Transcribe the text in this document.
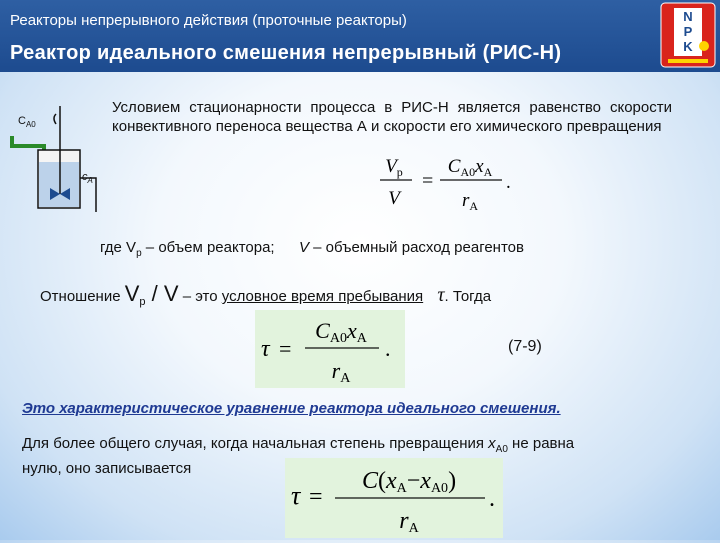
Реакторы непрерывного действия (проточные реакторы)
Реактор идеального смешения непрерывный (РИС-Н)
N
P
K
$C_{A0}$
$c_A$
Условием стационарности процесса в РИС-Н является равенство скорости конвективного переноса вещества А и скорости его химического превращения
$V_р$
V
=
$C_{A0}x_A$
$r_A$
.
где $V_р$ – объем реактора; V – объемный расход реагентов
Отношение $V_р$ / V – это условное время пребывания τ. Тогда
τ =
CA0xA
rA
.	(7-9)
Это характеристическое уравнение реактора идеального смешения.
Для более общего случая, когда начальная степень превращения $x_{A0}$ не равна
нулю, оно записывается
τ =
C(xA−xA0)
rA
.
